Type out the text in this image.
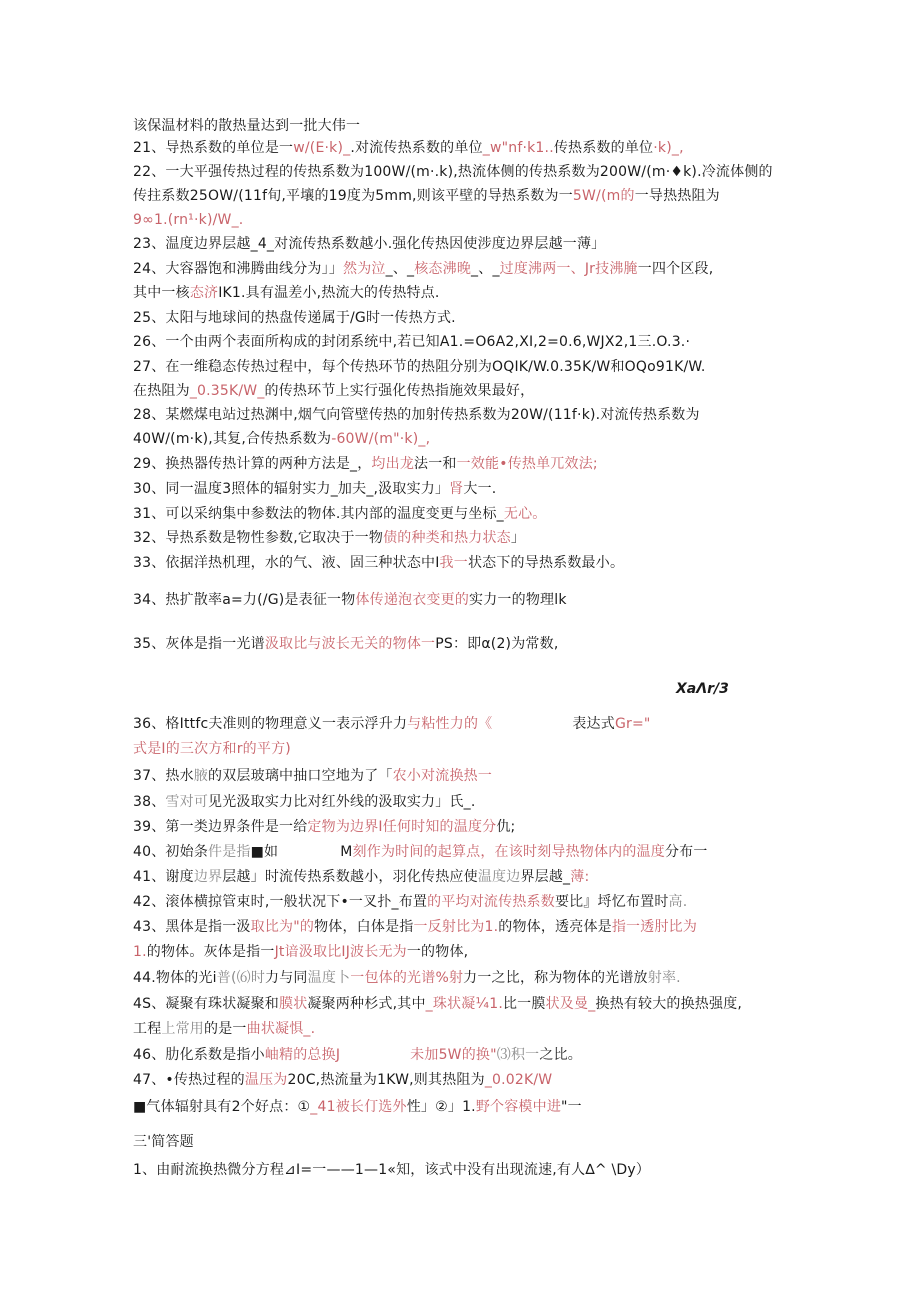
XaΛr/3
该保温材料的散热量达到一批大伟一
21、导热系数的单位是一w/(E·k)_.对流传热系数的单位_w"nf·k1..传热系数的单位·k)_,
22、一大平强传热过程的传热系数为100W/(m·.k),热流体侧的传热系数为200W/(m·♦k).冷流体侧的
传拄系数25OW/(11f旬,平壤的19度为5mm,则该平壁的导热系数为一5W/(m的一导热热阻为
9∞1.(rn¹·k)/W_.
23、温度边界层越_4_对流传热系数越小.强化传热因使涉度边界层越一薄」
24、大容器饱和沸腾曲线分为」」然为泣_、_核态沸晚_、_过度沸两一、Jr技沸腌一四个区段,
其中一核态济IK1.具有温差小,热流大的传热特点.
25、太阳与地球间的热盘传递属于/G时一传热方式.
26、一个由两个表面所构成的封闭系统中,若已知A1.=O6A2,XI,2=0.6,WJX2,1三.O.3.·
27、在一维稳态传热过程中，每个传热环节的热阻分别为OQIK/W.0.35K/W和OQo91K/W.
在热阻为_0.35K/W_的传热环节上实行强化传热指施效果最好，
28、某燃煤电站过热渊中,烟气向管壁传热的加射传热系数为20W/(11f·k).对流传热系数为
40W/(m·k),其复,合传热系数为-60W/(m"·k)_,
29、换热器传热计算的两种方法是_，均出龙法一和一效能•传热单兀效法;
30、同一温度3照体的辐射实力_加夫_,汲取实力」肾大一.
31、可以采纳集中参数法的物体.其内部的温度变更与坐标_无心。
32、导热系数是物性参数,它取决于一物债的种类和热力状态」
33、依据洋热机理，水的气、液、固三种状态中I我一状态下的导热系数最小。
34、热扩散率a=力(/G)是表征一物体传递泡衣变更的实力一的物理lk
35、灰体是指一光谱汲取比与波长无关的物体一PS：即α(2)为常数,
36、格Ittfc夫准则的物理意义一表示浮升力与粘性力的《	表达式Gr="
式是I的三次方和r的平方)
37、热水腋的双层玻璃中抽口空地为了「农小对流换热一
38、雪对可见光汲取实力比对红外线的汲取实力」氏_.
39、第一类边界条件是一给定物为边界I任何时知的温度分仇;
40、初始条件是指■如	M刻作为时间的起算点，在该时刻导热物体内的温度分布一
41、谢度边界层越」时流传热系数越小，羽化传热应使温度边界层越_薄:
42、滚体横掠管束时,一般状况下•一叉扑_布置的平均对流传热系数要比』埒忆布置时高.
43、黑体是指一汲取比为"的物体，白体是指一反射比为1.的物体，透亮体是指一透肘比为
1.的物体。灰体是指一Jt谙汲取比IJ波长无为一的物体,
44.物体的光i普(⑹时力与同温度卜一包体的光谱%射力一之比，称为物体的光谱放射率.
4S、凝聚有珠状凝聚和膜状凝聚两种杉式,其中_珠状凝¼1.比一膜状及曼_换热有较大的换热强度,
工程上常用的是一曲状凝惧_.
46、肋化系数是指小岫精的总换J	未加5W的换"⑶积一之比。
47、•传热过程的温压为20C,热流量为1KW,则其热阻为_0.02K/W
■气体辐射具有2个好点：①_41被长仃选外性」②」1.野个容模中进"一
三'简答题
1、由耐流换热微分方程⊿I=一——1—1«知，该式中没有出现流速,有人∆^ \Dy）
